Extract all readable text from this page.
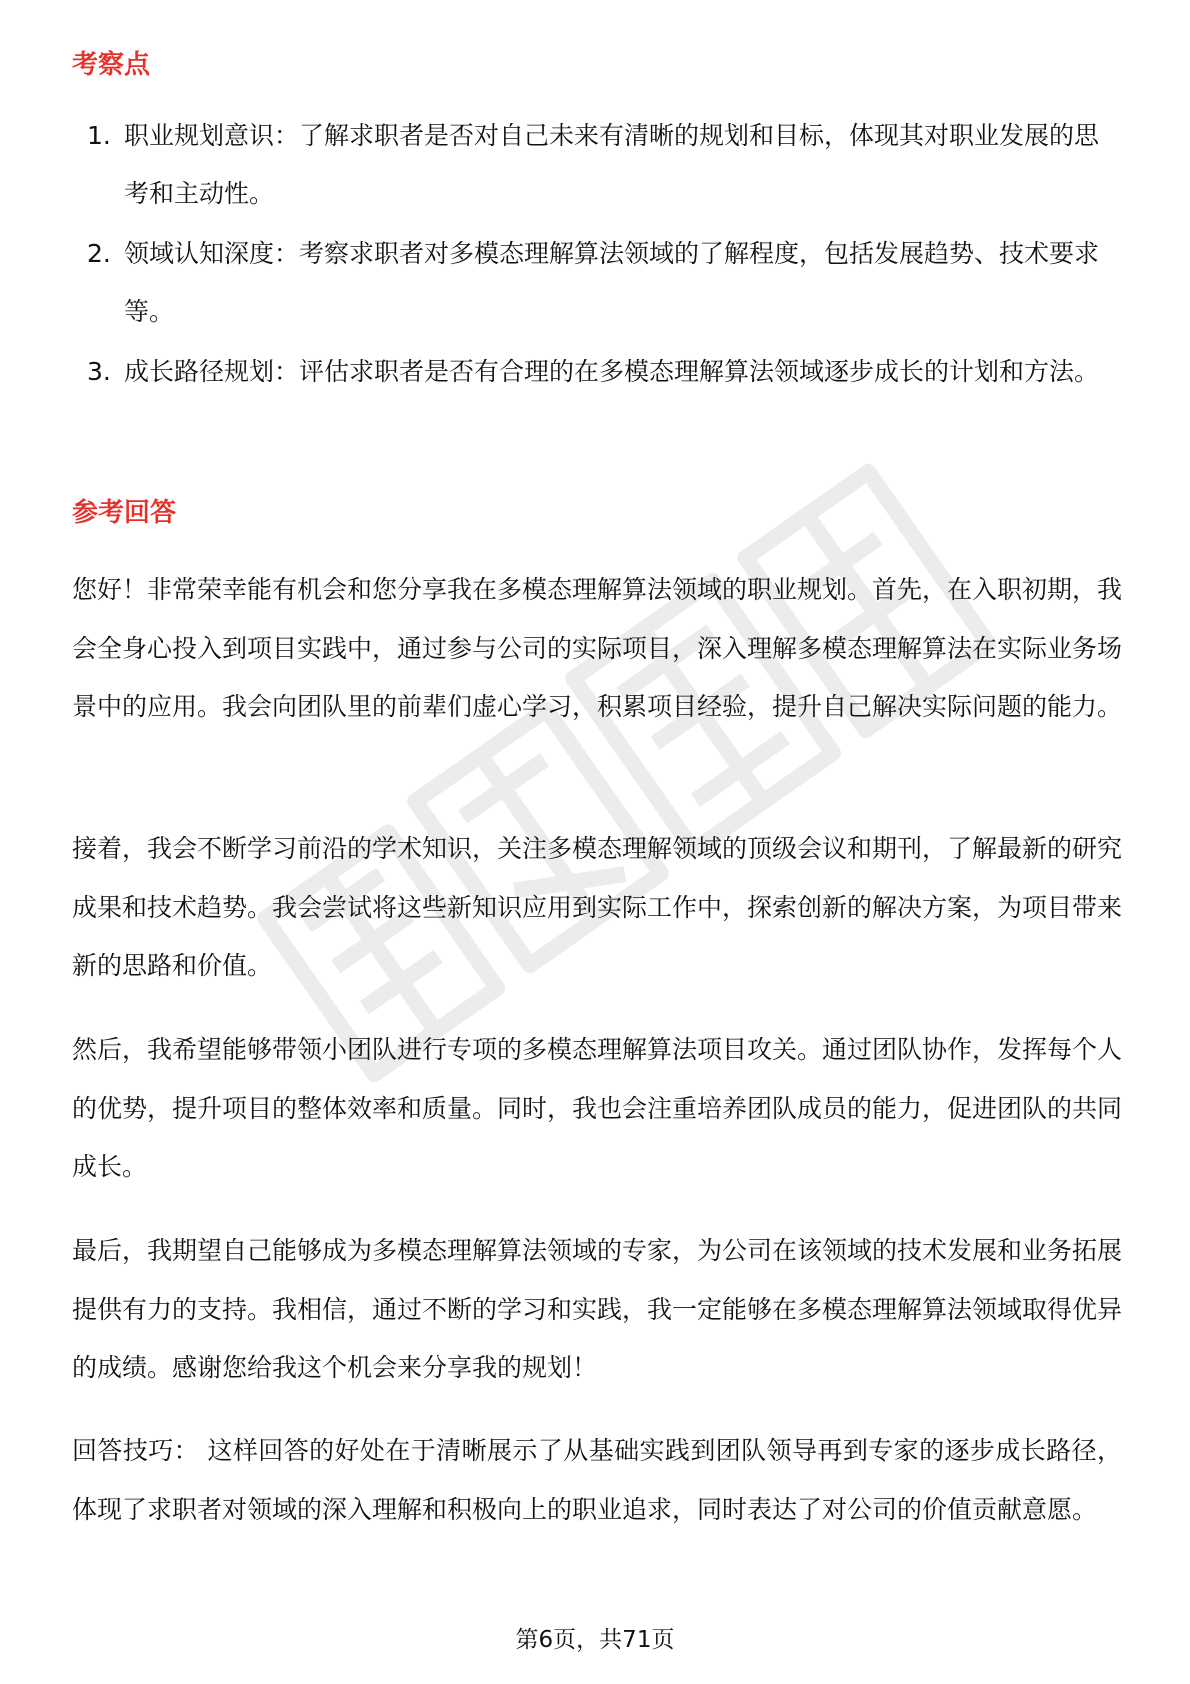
考察点
1. 职业规划意识：了解求职者是否对自己未来有清晰的规划和目标，体现其对职业发展的思考和主动性。
2. 领域认知深度：考察求职者对多模态理解算法领域的了解程度，包括发展趋势、技术要求等。
3. 成长路径规划：评估求职者是否有合理的在多模态理解算法领域逐步成长的计划和方法。
参考回答

您好！非常荣幸能有机会和您分享我在多模态理解算法领域的职业规划。首先，在入职初期，我会全身心投入到项目实践中，通过参与公司的实际项目，深入理解多模态理解算法在实际业务场景中的应用。我会向团队里的前辈们虚心学习，积累项目经验，提升自己解决实际问题的能力。

接着，我会不断学习前沿的学术知识，关注多模态理解领域的顶级会议和期刊，了解最新的研究成果和技术趋势。我会尝试将这些新知识应用到实际工作中，探索创新的解决方案，为项目带来新的思路和价值。

然后，我希望能够带领小团队进行专项的多模态理解算法项目攻关。通过团队协作，发挥每个人的优势，提升项目的整体效率和质量。同时，我也会注重培养团队成员的能力，促进团队的共同成长。

最后，我期望自己能够成为多模态理解算法领域的专家，为公司在该领域的技术发展和业务拓展提供有力的支持。我相信，通过不断的学习和实践，我一定能够在多模态理解算法领域取得优异的成绩。感谢您给我这个机会来分享我的规划！

回答技巧： 这样回答的好处在于清晰展示了从基础实践到团队领导再到专家的逐步成长路径，体现了求职者对领域的深入理解和积极向上的职业追求，同时表达了对公司的价值贡献意愿。

第6页，共71页
